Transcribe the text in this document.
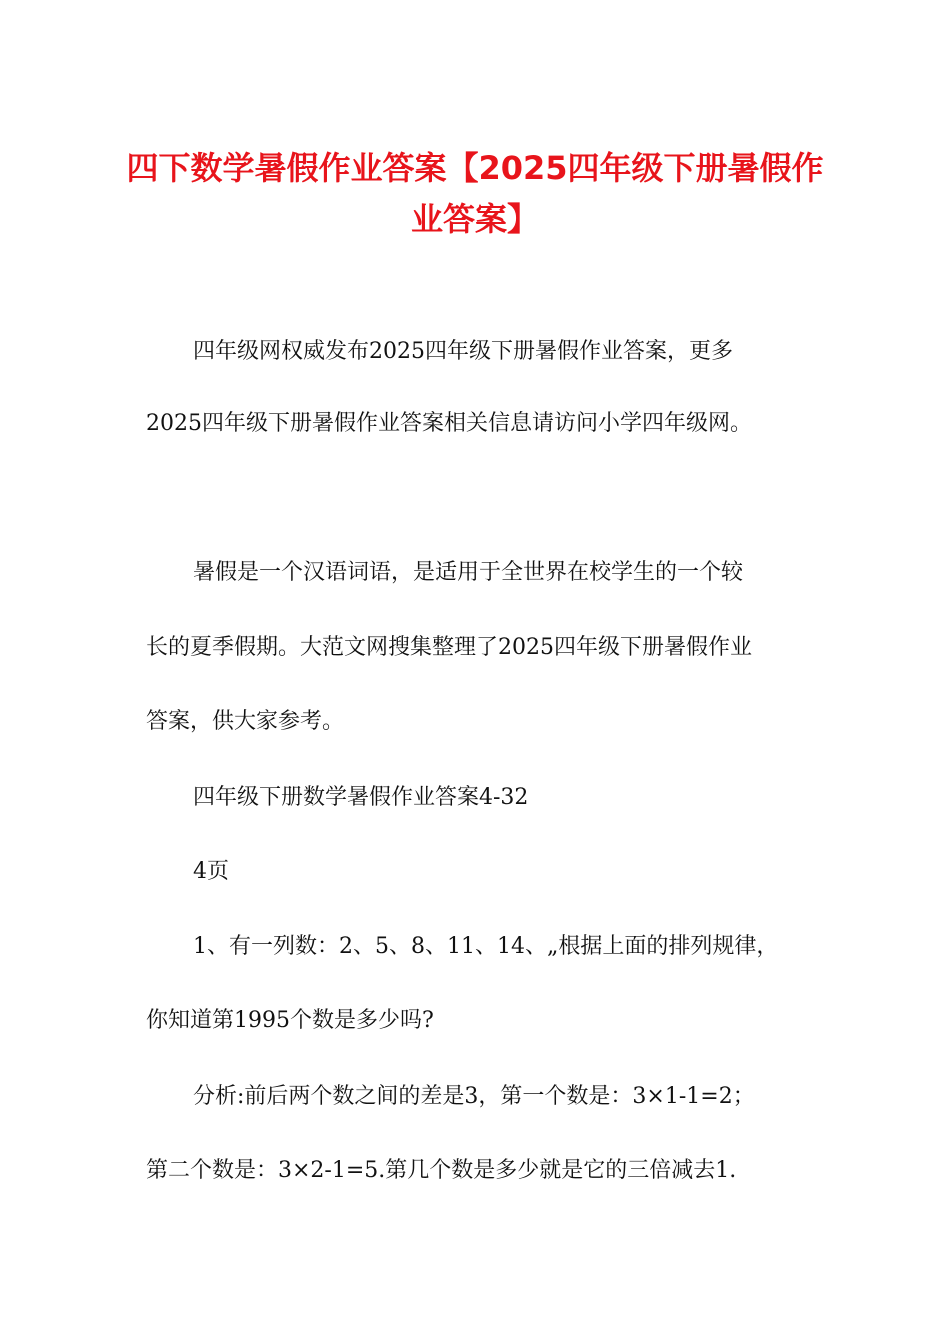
四下数学暑假作业答案【2025四年级下册暑假作业答案】

四年级网权威发布2025四年级下册暑假作业答案，更多

2025四年级下册暑假作业答案相关信息请访问小学四年级网。

暑假是一个汉语词语，是适用于全世界在校学生的一个较

长的夏季假期。大范文网搜集整理了2025四年级下册暑假作业

答案，供大家参考。

四年级下册数学暑假作业答案4-32

4页

1、有一列数：2、5、8、11、14、„根据上面的排列规律，

你知道第1995个数是多少吗?

分析:前后两个数之间的差是3，第一个数是：3×1-1=2；

第二个数是：3×2-1=5.第几个数是多少就是它的三倍减去1.
